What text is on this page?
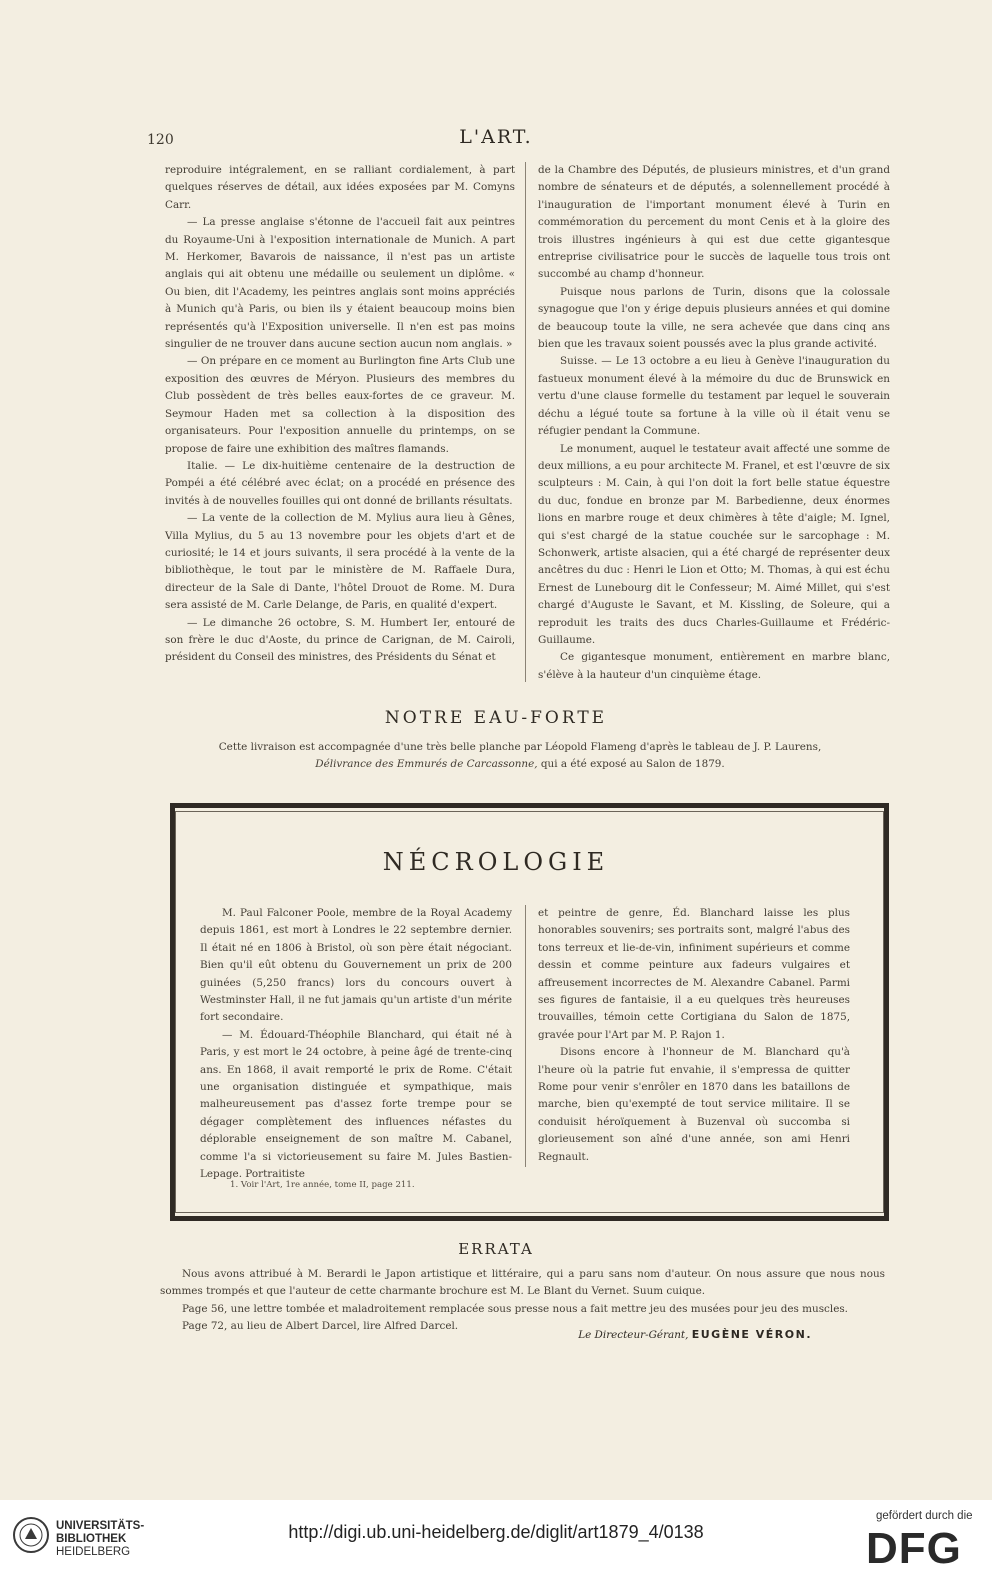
120	L'ART.

reproduire intégralement, en se ralliant cordialement, à part quelques réserves de détail, aux idées exposées par M. Comyns Carr.

— La presse anglaise s'étonne de l'accueil fait aux peintres du Royaume-Uni à l'exposition internationale de Munich. A part M. Herkomer, Bavarois de naissance, il n'est pas un artiste anglais qui ait obtenu une médaille ou seulement un diplôme. « Ou bien, dit l'Academy, les peintres anglais sont moins appréciés à Munich qu'à Paris, ou bien ils y étaient beaucoup moins bien représentés qu'à l'Exposition universelle. Il n'en est pas moins singulier de ne trouver dans aucune section aucun nom anglais. »

— On prépare en ce moment au Burlington fine Arts Club une exposition des œuvres de Méryon. Plusieurs des membres du Club possèdent de très belles eaux-fortes de ce graveur. M. Seymour Haden met sa collection à la disposition des organisateurs. Pour l'exposition annuelle du printemps, on se propose de faire une exhibition des maîtres flamands.

Italie. — Le dix-huitième centenaire de la destruction de Pompéi a été célébré avec éclat; on a procédé en présence des invités à de nouvelles fouilles qui ont donné de brillants résultats.

— La vente de la collection de M. Mylius aura lieu à Gênes, Villa Mylius, du 5 au 13 novembre pour les objets d'art et de curiosité; le 14 et jours suivants, il sera procédé à la vente de la bibliothèque, le tout par le ministère de M. Raffaele Dura, directeur de la Sale di Dante, l'hôtel Drouot de Rome. M. Dura sera assisté de M. Carle Delange, de Paris, en qualité d'expert.

— Le dimanche 26 octobre, S. M. Humbert Ier, entouré de son frère le duc d'Aoste, du prince de Carignan, de M. Cairoli, président du Conseil des ministres, des Présidents du Sénat et

de la Chambre des Députés, de plusieurs ministres, et d'un grand nombre de sénateurs et de députés, a solennellement procédé à l'inauguration de l'important monument élevé à Turin en commémoration du percement du mont Cenis et à la gloire des trois illustres ingénieurs à qui est due cette gigantesque entreprise civilisatrice pour le succès de laquelle tous trois ont succombé au champ d'honneur.

Puisque nous parlons de Turin, disons que la colossale synagogue que l'on y érige depuis plusieurs années et qui domine de beaucoup toute la ville, ne sera achevée que dans cinq ans bien que les travaux soient poussés avec la plus grande activité.

Suisse. — Le 13 octobre a eu lieu à Genève l'inauguration du fastueux monument élevé à la mémoire du duc de Brunswick en vertu d'une clause formelle du testament par lequel le souverain déchu a légué toute sa fortune à la ville où il était venu se réfugier pendant la Commune.

Le monument, auquel le testateur avait affecté une somme de deux millions, a eu pour architecte M. Franel, et est l'œuvre de six sculpteurs : M. Cain, à qui l'on doit la fort belle statue équestre du duc, fondue en bronze par M. Barbedienne, deux énormes lions en marbre rouge et deux chimères à tête d'aigle; M. Ignel, qui s'est chargé de la statue couchée sur le sarcophage : M. Schonwerk, artiste alsacien, qui a été chargé de représenter deux ancêtres du duc : Henri le Lion et Otto; M. Thomas, à qui est échu Ernest de Lunebourg dit le Confesseur; M. Aimé Millet, qui s'est chargé d'Auguste le Savant, et M. Kissling, de Soleure, qui a reproduit les traits des ducs Charles-Guillaume et Frédéric-Guillaume.

Ce gigantesque monument, entièrement en marbre blanc, s'élève à la hauteur d'un cinquième étage.

NOTRE EAU-FORTE
Cette livraison est accompagnée d'une très belle planche par Léopold Flameng d'après le tableau de J. P. Laurens,
Délivrance des Emmurés de Carcassonne, qui a été exposé au Salon de 1879.
NÉCROLOGIE

M. Paul Falconer Poole, membre de la Royal Academy depuis 1861, est mort à Londres le 22 septembre dernier. Il était né en 1806 à Bristol, où son père était négociant. Bien qu'il eût obtenu du Gouvernement un prix de 200 guinées (5,250 francs) lors du concours ouvert à Westminster Hall, il ne fut jamais qu'un artiste d'un mérite fort secondaire.

— M. Édouard-Théophile Blanchard, qui était né à Paris, y est mort le 24 octobre, à peine âgé de trente-cinq ans. En 1868, il avait remporté le prix de Rome. C'était une organisation distinguée et sympathique, mais malheureusement pas d'assez forte trempe pour se dégager complètement des influences néfastes du déplorable enseignement de son maître M. Cabanel, comme l'a si victorieusement su faire M. Jules Bastien-Lepage. Portraitiste

et peintre de genre, Éd. Blanchard laisse les plus honorables souvenirs; ses portraits sont, malgré l'abus des tons terreux et lie-de-vin, infiniment supérieurs et comme dessin et comme peinture aux fadeurs vulgaires et affreusement incorrectes de M. Alexandre Cabanel. Parmi ses figures de fantaisie, il a eu quelques très heureuses trouvailles, témoin cette Cortigiana du Salon de 1875, gravée pour l'Art par M. P. Rajon 1.

Disons encore à l'honneur de M. Blanchard qu'à l'heure où la patrie fut envahie, il s'empressa de quitter Rome pour venir s'enrôler en 1870 dans les bataillons de marche, bien qu'exempté de tout service militaire. Il se conduisit héroïquement à Buzenval où succomba si glorieusement son aîné d'une année, son ami Henri Regnault.

1. Voir l'Art, 1re année, tome II, page 211.
ERRATA

Nous avons attribué à M. Berardi le Japon artistique et littéraire, qui a paru sans nom d'auteur. On nous assure que nous nous sommes trompés et que l'auteur de cette charmante brochure est M. Le Blant du Vernet. Suum cuique.

Page 56, une lettre tombée et maladroitement remplacée sous presse nous a fait mettre jeu des musées pour jeu des muscles.

Page 72, au lieu de Albert Darcel, lire Alfred Darcel.

Le Directeur-Gérant, EUGÈNE VÉRON.
UNIVERSITÄTS-
BIBLIOTHEK
HEIDELBERG
http://digi.ub.uni-heidelberg.de/diglit/art1879_4/0138
gefördert durch die
DFG
